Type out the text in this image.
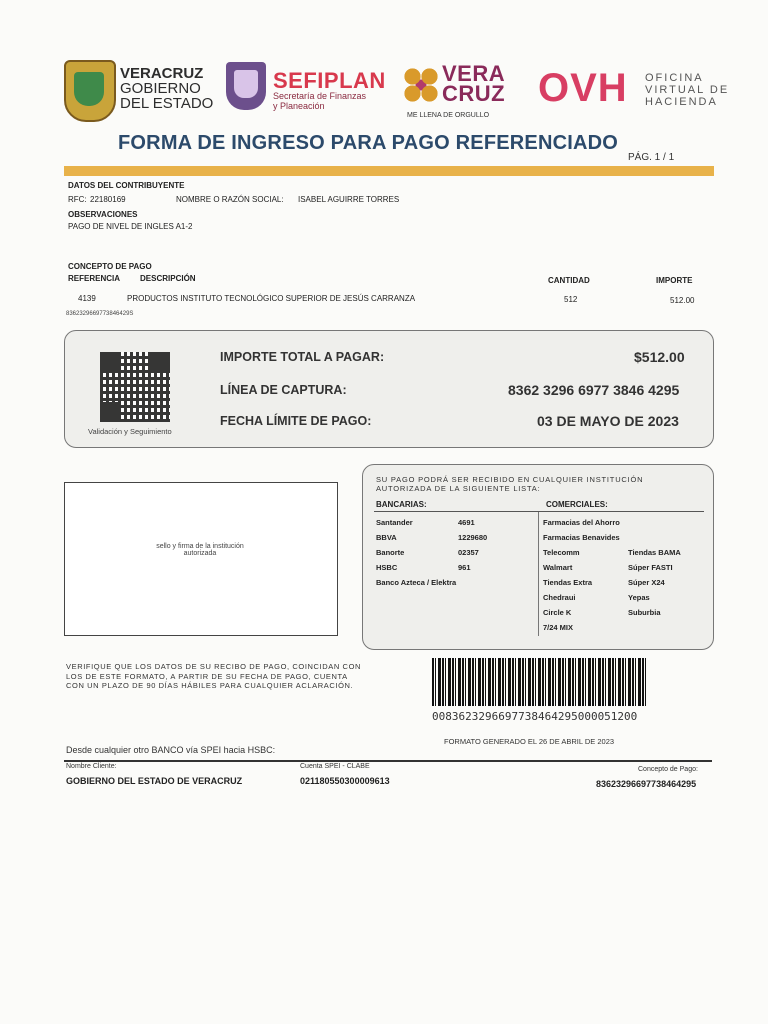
VERACRUZ
GOBIERNO
DEL ESTADO
SEFIPLAN
Secretaría de Finanzas
y Planeación
VERA
CRUZ
ME LLENA DE ORGULLO
OVH OFICINA
VIRTUAL DE
HACIENDA
FORMA DE INGRESO PARA PAGO REFERENCIADO
PÁG. 1 / 1
DATOS DEL CONTRIBUYENTE
RFC: 22180169	NOMBRE O RAZÓN SOCIAL: ISABEL AGUIRRE TORRES
OBSERVACIONES
PAGO DE NIVEL DE INGLES A1-2
CONCEPTO DE PAGO
REFERENCIA DESCRIPCIÓN	CANTIDAD	IMPORTE
4139	PRODUCTOS INSTITUTO TECNOLÓGICO SUPERIOR DE JESÚS CARRANZA	512	512.00
8362329669773846429S
Validación y Seguimiento
IMPORTE TOTAL A PAGAR:	$512.00
LÍNEA DE CAPTURA:	8362 3296 6977 3846 4295
FECHA LÍMITE DE PAGO:	03 DE MAYO DE 2023
sello y firma de la institución autorizada
SU PAGO PODRÁ SER RECIBIDO EN CUALQUIER INSTITUCIÓN AUTORIZADA DE LA SIGUIENTE LISTA:
BANCARIAS:	COMERCIALES:
Santander	4691
BBVA	1229680
Banorte	02357
HSBC	961
Banco Azteca / Elektra
Farmacias del Ahorro
Farmacias Benavides
Telecomm	Tiendas BAMA
Walmart	Súper FASTI
Tiendas Extra	Súper X24
Chedraui	Yepas
Circle K	Suburbia
7/24 MIX
VERIFIQUE QUE LOS DATOS DE SU RECIBO DE PAGO, COINCIDAN CON LOS DE ESTE FORMATO, A PARTIR DE SU FECHA DE PAGO, CUENTA CON UN PLAZO DE 90 DÍAS HÁBILES PARA CUALQUIER ACLARACIÓN.
0083623296697738464295000051200
FORMATO GENERADO EL 26 DE ABRIL DE 2023
Desde cualquier otro BANCO vía SPEI hacia HSBC:
Nombre Cliente:
GOBIERNO DEL ESTADO DE VERACRUZ
Cuenta SPEI - CLABE
021180550300009613
Concepto de Pago:
83623296697738464295
